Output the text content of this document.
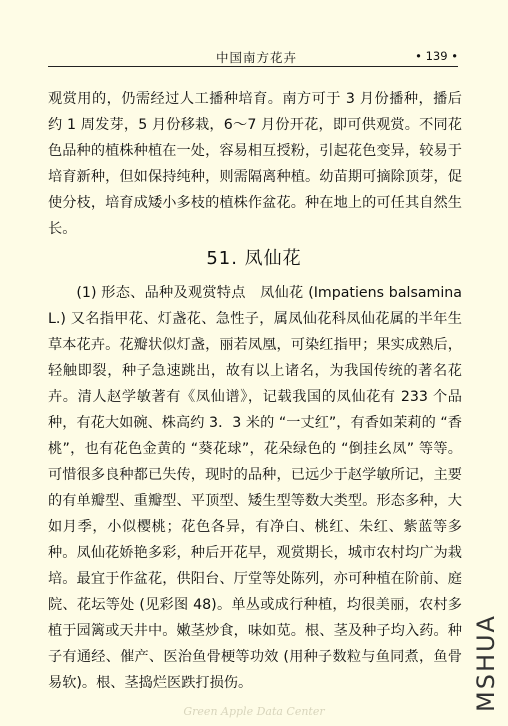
中国南方花卉	• 139 •

观赏用的，仍需经过人工播种培育。南方可于 3 月份播种，播后约 1 周发芽，5 月份移栽，6～7 月份开花，即可供观赏。不同花色品种的植株种植在一处，容易相互授粉，引起花色变异，较易于培育新种，但如保持纯种，则需隔离种植。幼苗期可摘除顶芽，促使分枝，培育成矮小多枝的植株作盆花。种在地上的可任其自然生长。

51. 凤仙花

(1) 形态、品种及观赏特点　凤仙花 (Impatiens balsamina L.) 又名指甲花、灯盏花、急性子，属凤仙花科凤仙花属的半年生草本花卉。花瓣状似灯盏，丽若凤凰，可染红指甲；果实成熟后，轻触即裂，种子急速跳出，故有以上诸名，为我国传统的著名花卉。清人赵学敏著有《凤仙谱》，记载我国的凤仙花有 233 个品种，有花大如碗、株高约 3．3 米的 “一丈红”，有香如茉莉的 “香桃”，也有花色金黄的 “葵花球”，花朵绿色的 “倒挂幺凤” 等等。可惜很多良种都已失传，现时的品种，已远少于赵学敏所记，主要的有单瓣型、重瓣型、平顶型、矮生型等数大类型。形态多种，大如月季，小似樱桃；花色各异，有净白、桃红、朱红、紫蓝等多种。凤仙花娇艳多彩，种后开花早，观赏期长，城市农村均广为栽培。最宜于作盆花，供阳台、厅堂等处陈列，亦可种植在阶前、庭院、花坛等处 (见彩图 48)。单丛或成行种植，均很美丽，农村多植于园篱或天井中。嫩茎炒食，味如苋。根、茎及种子均入药。种子有通经、催产、医治鱼骨梗等功效 (用种子数粒与鱼同煮，鱼骨易软)。根、茎捣烂医跌打损伤。	MSHUA
Green Apple Data Center
